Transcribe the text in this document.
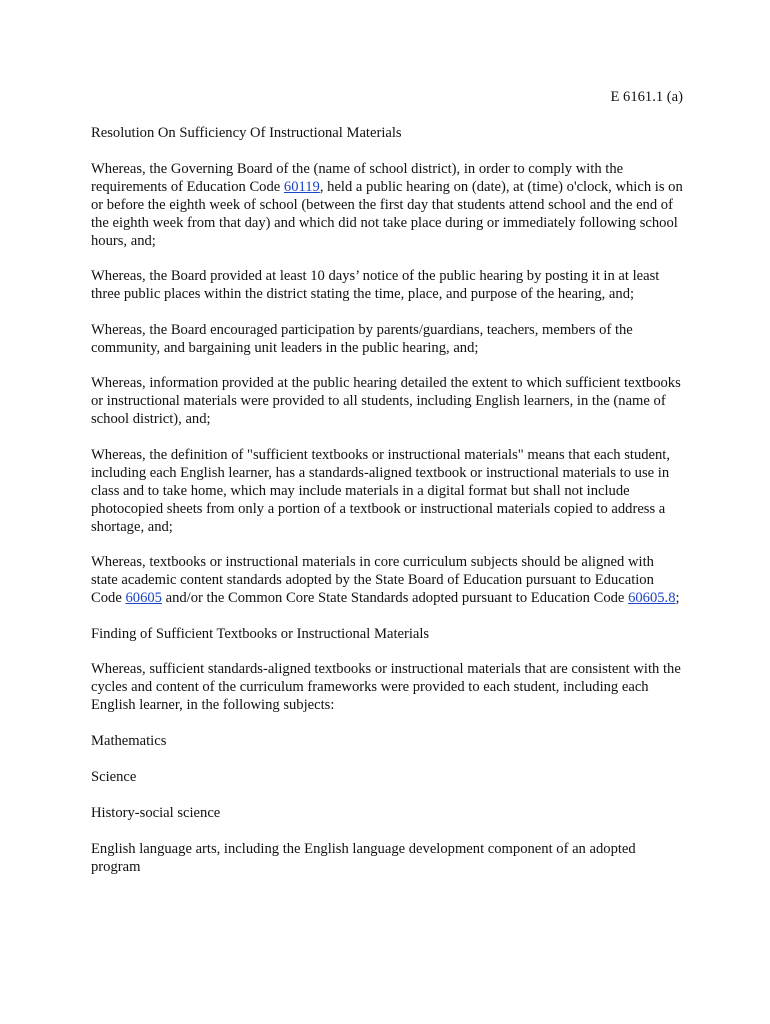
E 6161.1 (a)
Resolution On Sufficiency Of Instructional Materials
Whereas, the Governing Board of the (name of school district), in order to comply with the requirements of Education Code 60119, held a public hearing on (date), at (time) o'clock, which is on or before the eighth week of school (between the first day that students attend school and the end of the eighth week from that day) and which did not take place during or immediately following school hours, and;
Whereas, the Board provided at least 10 days’ notice of the public hearing by posting it in at least three public places within the district stating the time, place, and purpose of the hearing, and;
Whereas, the Board encouraged participation by parents/guardians, teachers, members of the community, and bargaining unit leaders in the public hearing, and;
Whereas, information provided at the public hearing detailed the extent to which sufficient textbooks or instructional materials were provided to all students, including English learners, in the (name of school district), and;
Whereas, the definition of "sufficient textbooks or instructional materials" means that each student, including each English learner, has a standards-aligned textbook or instructional materials to use in class and to take home, which may include materials in a digital format but shall not include photocopied sheets from only a portion of a textbook or instructional materials copied to address a shortage, and;
Whereas, textbooks or instructional materials in core curriculum subjects should be aligned with state academic content standards adopted by the State Board of Education pursuant to Education Code 60605 and/or the Common Core State Standards adopted pursuant to Education Code 60605.8;
Finding of Sufficient Textbooks or Instructional Materials
Whereas, sufficient standards-aligned textbooks or instructional materials that are consistent with the cycles and content of the curriculum frameworks were provided to each student, including each English learner, in the following subjects:
Mathematics
Science
History-social science
English language arts, including the English language development component of an adopted program
